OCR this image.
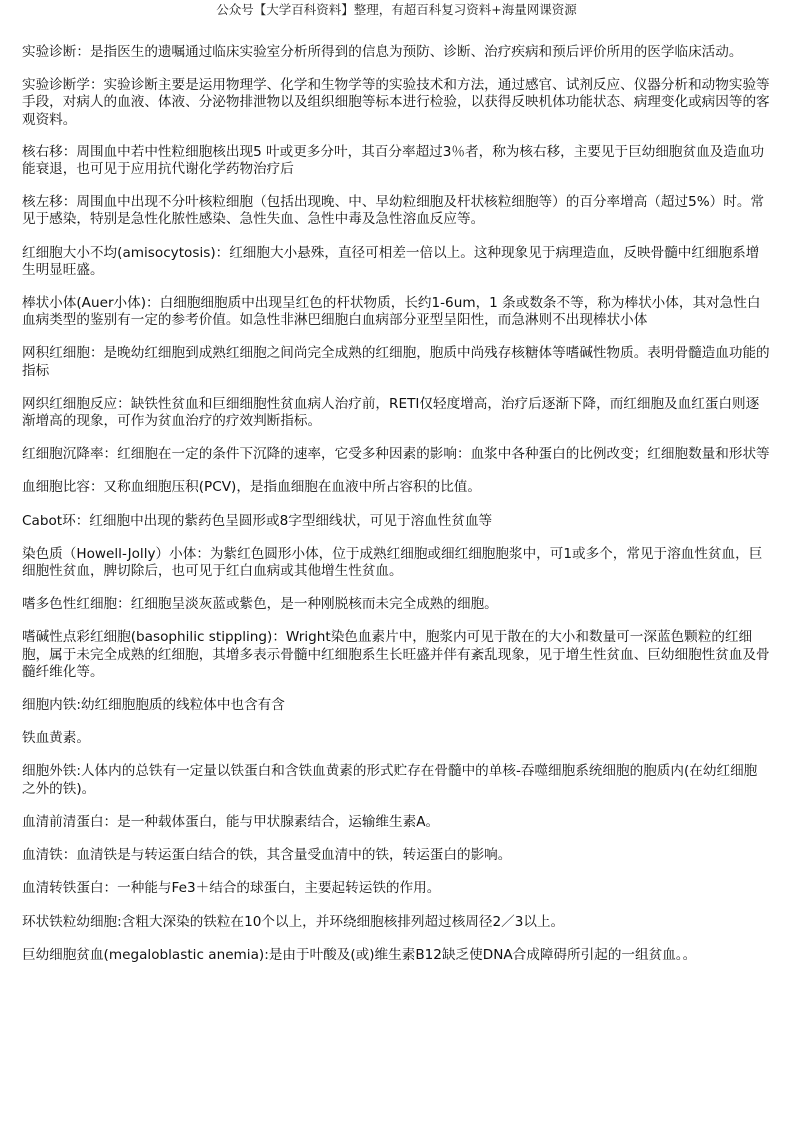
公众号【大学百科资料】整理，有超百科复习资料+海量网课资源

实验诊断：是指医生的遗嘱通过临床实验室分析所得到的信息为预防、诊断、治疗疾病和预后评价所用的医学临床活动。

实验诊断学：实验诊断主要是运用物理学、化学和生物学等的实验技术和方法，通过感官、试剂反应、仪器分析和动物实验等手段，对病人的血液、体液、分泌物排泄物以及组织细胞等标本进行检验，以获得反映机体功能状态、病理变化或病因等的客观资料。

核右移：周围血中若中性粒细胞核出现5 叶或更多分叶，其百分率超过3％者，称为核右移，主要见于巨幼细胞贫血及造血功能衰退，也可见于应用抗代谢化学药物治疗后

核左移：周围血中出现不分叶核粒细胞（包括出现晚、中、早幼粒细胞及杆状核粒细胞等）的百分率增高（超过5%）时。常见于感染，特别是急性化脓性感染、急性失血、急性中毒及急性溶血反应等。

红细胞大小不均(amisocytosis)：红细胞大小悬殊，直径可相差一倍以上。这种现象见于病理造血，反映骨髓中红细胞系增生明显旺盛。

棒状小体(Auer小体)：白细胞细胞质中出现呈红色的杆状物质，长约1-6um，1 条或数条不等，称为棒状小体，其对急性白血病类型的鉴别有一定的参考价值。如急性非淋巴细胞白血病部分亚型呈阳性，而急淋则不出现棒状小体

网积红细胞：是晚幼红细胞到成熟红细胞之间尚完全成熟的红细胞，胞质中尚残存核糖体等嗜碱性物质。表明骨髓造血功能的指标

网织红细胞反应：缺铁性贫血和巨细细胞性贫血病人治疗前，RETI仅轻度增高，治疗后逐渐下降，而红细胞及血红蛋白则逐渐增高的现象，可作为贫血治疗的疗效判断指标。

红细胞沉降率：红细胞在一定的条件下沉降的速率，它受多种因素的影响：血浆中各种蛋白的比例改变；红细胞数量和形状等

血细胞比容：又称血细胞压积(PCV)，是指血细胞在血液中所占容积的比值。

Cabot环：红细胞中出现的紫药色呈圆形或8字型细线状，可见于溶血性贫血等

染色质（Howell-Jolly）小体：为紫红色圆形小体，位于成熟红细胞或细红细胞胞浆中，可1或多个，常见于溶血性贫血，巨细胞性贫血，脾切除后，也可见于红白血病或其他增生性贫血。

嗜多色性红细胞：红细胞呈淡灰蓝或紫色，是一种刚脱核而未完全成熟的细胞。

嗜碱性点彩红细胞(basophilic stippling)：Wright染色血素片中，胞浆内可见于散在的大小和数量可一深蓝色颗粒的红细胞，属于未完全成熟的红细胞，其增多表示骨髓中红细胞系生长旺盛并伴有紊乱现象，见于增生性贫血、巨幼细胞性贫血及骨髓纤维化等。

细胞内铁:幼红细胞胞质的线粒体中也含有含

铁血黄素。

细胞外铁:人体内的总铁有一定量以铁蛋白和含铁血黄素的形式贮存在骨髓中的单核-吞噬细胞系统细胞的胞质内(在幼红细胞之外的铁)。

血清前清蛋白：是一种载体蛋白，能与甲状腺素结合，运输维生素A。

血清铁：血清铁是与转运蛋白结合的铁，其含量受血清中的铁，转运蛋白的影响。

血清转铁蛋白：一种能与Fe3＋结合的球蛋白，主要起转运铁的作用。

环状铁粒幼细胞:含粗大深染的铁粒在10个以上，并环绕细胞核排列超过核周径2／3以上。

巨幼细胞贫血(megaloblastic anemia):是由于叶酸及(或)维生素B12缺乏使DNA合成障碍所引起的一组贫血。。
